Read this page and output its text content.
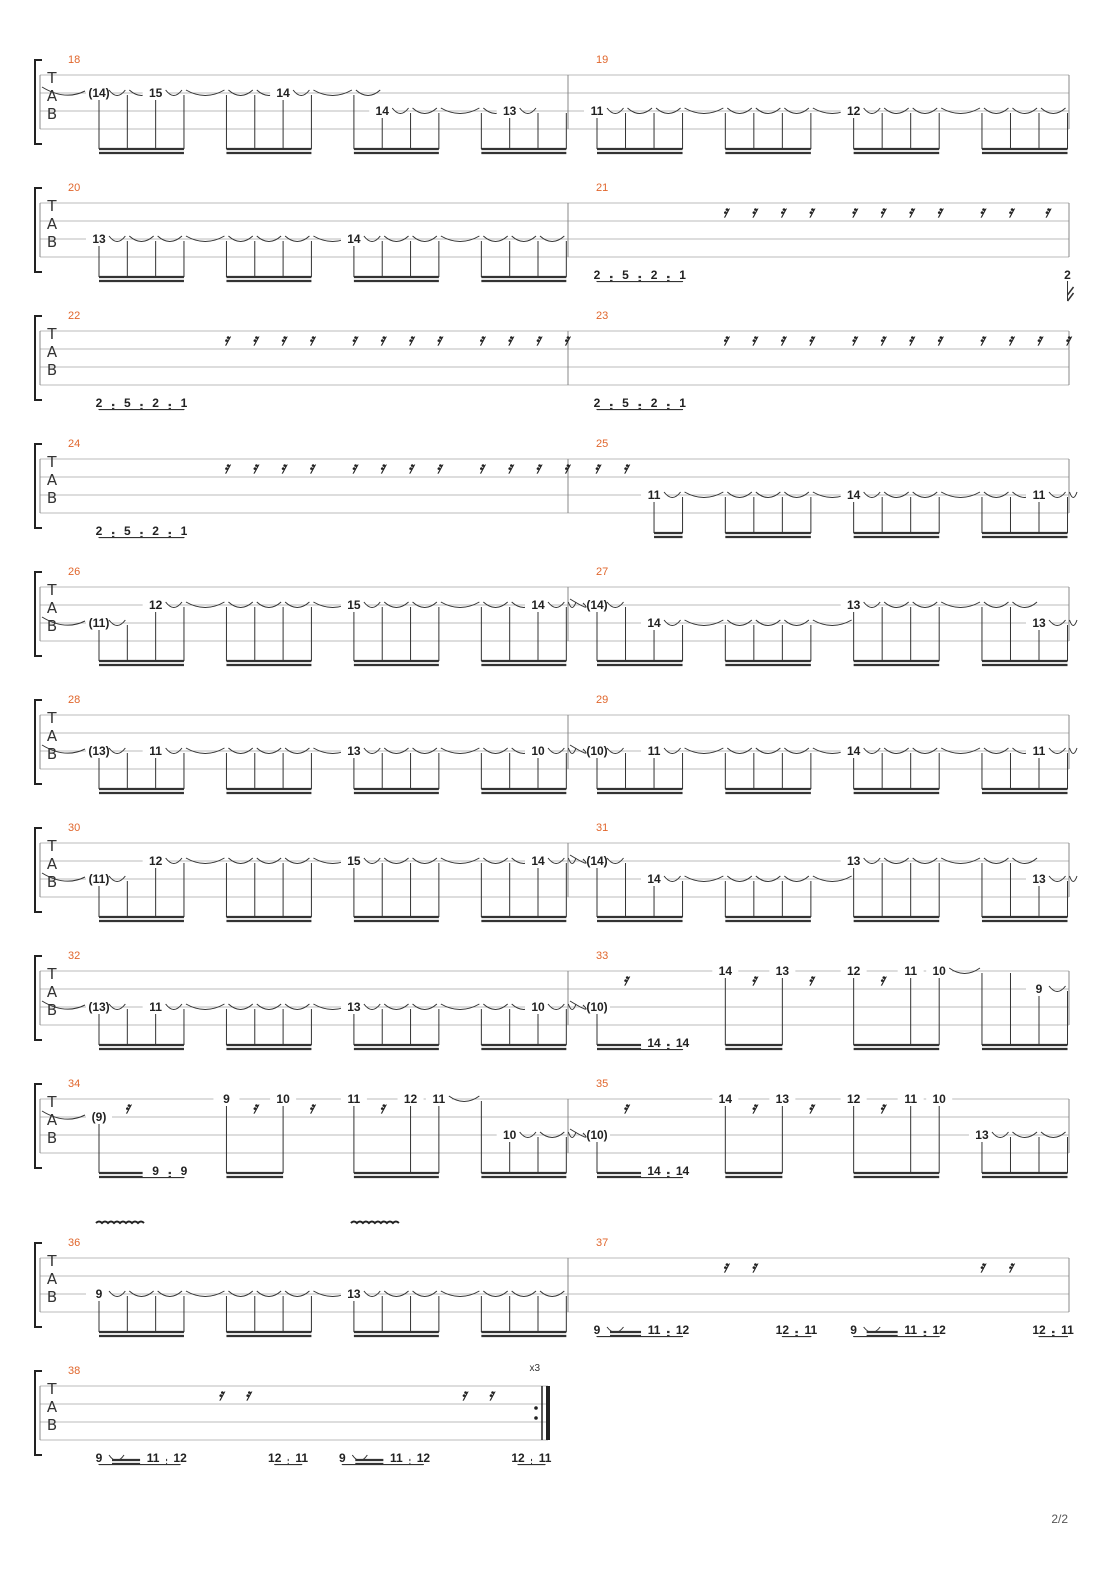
T
A
B
18
(14)	15	14
14	13
19
11	12
T
A
B
20
13	14
21
2 5 2 1
𝄿 𝄿 𝄿 𝄿 𝄿 𝄿 𝄿 𝄿 𝄿 𝄿 𝄿
2
T
A
B
22
2 5 2 1
𝄿 𝄿 𝄿 𝄿 𝄿 𝄿 𝄿 𝄿 𝄿 𝄿 𝄿 𝄿
23
2 5 2 1
𝄿 𝄿 𝄿 𝄿 𝄿 𝄿 𝄿 𝄿 𝄿 𝄿 𝄿 𝄿
T
A
B
24
2 5 2 1
𝄿 𝄿 𝄿 𝄿 𝄿 𝄿 𝄿 𝄿 𝄿 𝄿 𝄿 𝄿
25
𝄿 𝄿
11	14	11
T
A
B
26
(11)
12	15	14
27
(14)
14
13
13
T
A
B
28
(13)	11	13	10
29
(10)	11	14	11
T
A
B
30
(11)
12	15	14
31
(14)
14
13
13
T
A
B
32
(13)	11	13	10
33
(10)
𝄿
14 14
14 𝄿 13 𝄿	12 𝄿 11 10
9
T
A
B
34
(9) 𝄿
9 9
9 𝄿 10 𝄿	11 𝄿 12 11
10
35
(10)
𝄿
14 14
14 𝄿 13 𝄿	12 𝄿 11 10
13
T
A
B
36
9	13
37
9	11 12
𝄿 𝄿
12 11	9	11 12
𝄿 𝄿
12 11
T
A
B
x3
38
9	11 12
𝄿 𝄿
12 11	9	11 12
𝄿 𝄿
12 11
2/2
